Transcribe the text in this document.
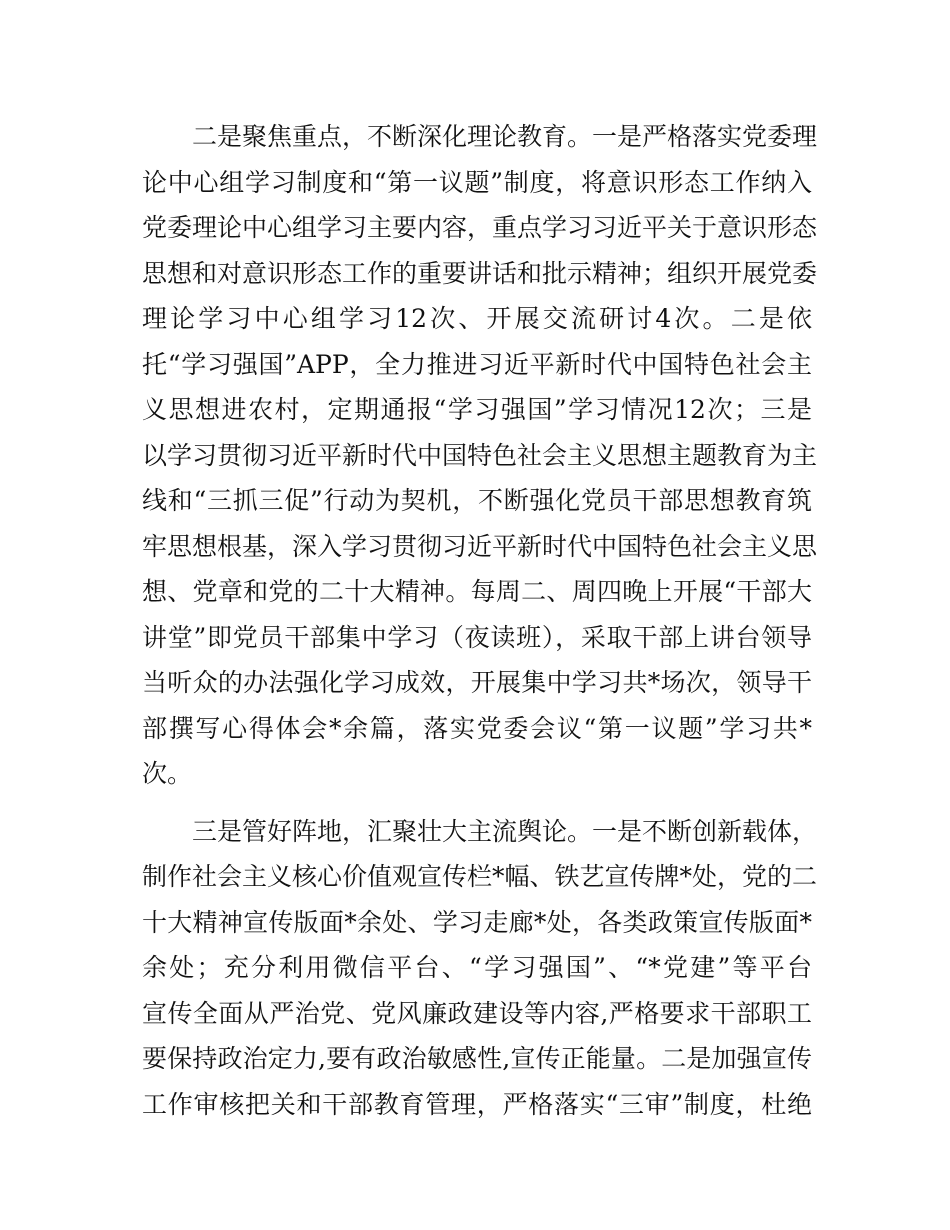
　　二是聚焦重点，不断深化理论教育。一是严格落实党委理
论中心组学习制度和“第一议题”制度，将意识形态工作纳入
党委理论中心组学习主要内容，重点学习习近平关于意识形态
思想和对意识形态工作的重要讲话和批示精神；组织开展党委
理论学习中心组学习12次、开展交流研讨4次。二是依
托“学习强国”APP，全力推进习近平新时代中国特色社会主
义思想进农村，定期通报“学习强国”学习情况12次；三是
以学习贯彻习近平新时代中国特色社会主义思想主题教育为主
线和“三抓三促”行动为契机，不断强化党员干部思想教育筑
牢思想根基，深入学习贯彻习近平新时代中国特色社会主义思
想、党章和党的二十大精神。每周二、周四晚上开展“干部大
讲堂”即党员干部集中学习（夜读班），采取干部上讲台领导
当听众的办法强化学习成效，开展集中学习共*场次，领导干
部撰写心得体会*余篇，落实党委会议“第一议题”学习共*
次。
　　三是管好阵地，汇聚壮大主流舆论。一是不断创新载体，
制作社会主义核心价值观宣传栏*幅、铁艺宣传牌*处，党的二
十大精神宣传版面*余处、学习走廊*处，各类政策宣传版面*
余处；充分利用微信平台、“学习强国”、“*党建”等平台
宣传全面从严治党、党风廉政建设等内容,严格要求干部职工
要保持政治定力,要有政治敏感性,宣传正能量。二是加强宣传
工作审核把关和干部教育管理，严格落实“三审”制度，杜绝
